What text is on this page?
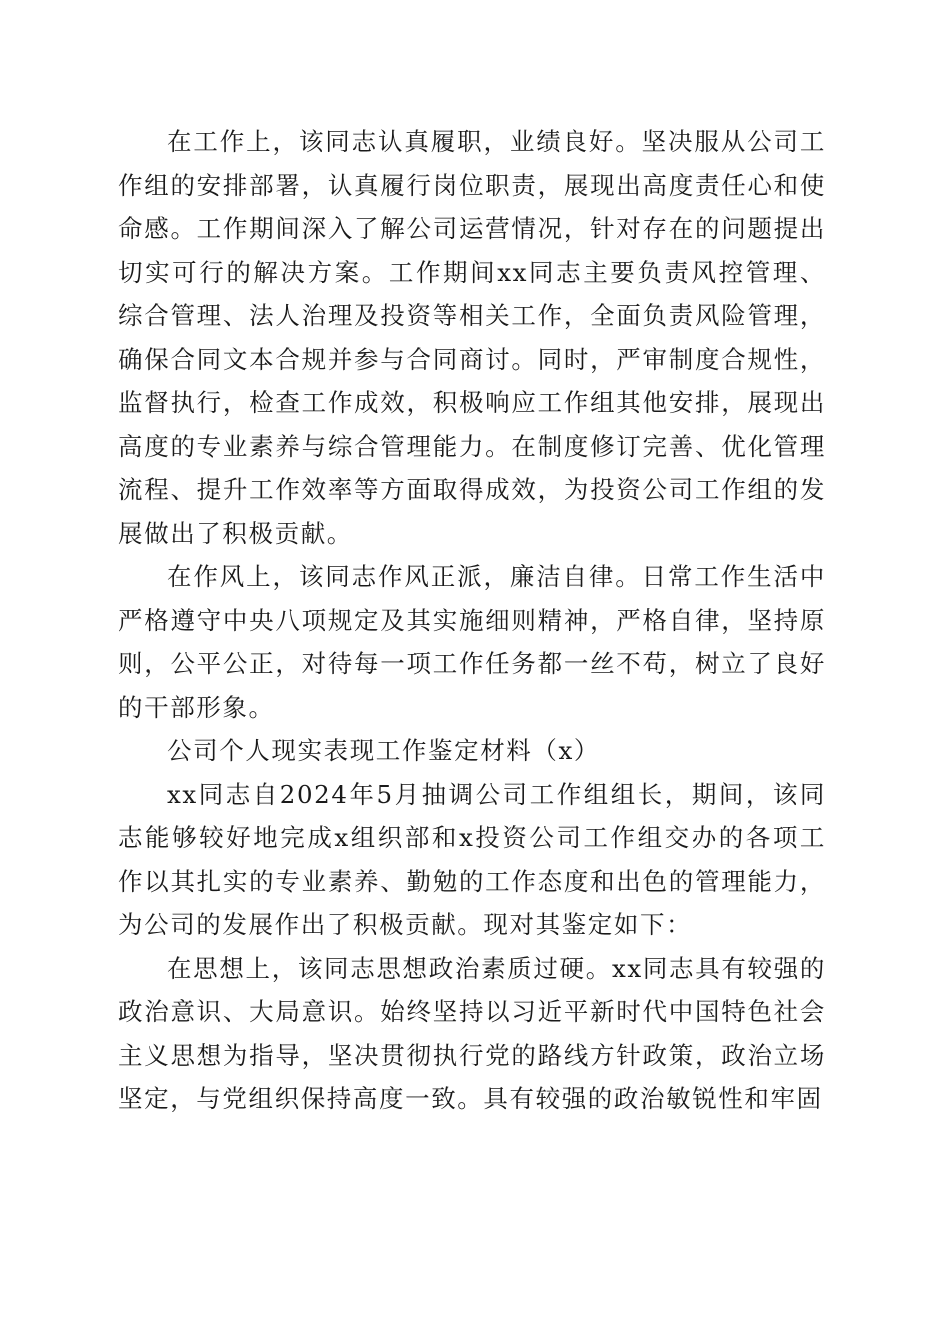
在工作上，该同志认真履职，业绩良好。坚决服从公司工作组的安排部署，认真履行岗位职责，展现出高度责任心和使命感。工作期间深入了解公司运营情况，针对存在的问题提出切实可行的解决方案。工作期间xx同志主要负责风控管理、综合管理、法人治理及投资等相关工作，全面负责风险管理，确保合同文本合规并参与合同商讨。同时，严审制度合规性，监督执行，检查工作成效，积极响应工作组其他安排，展现出高度的专业素养与综合管理能力。在制度修订完善、优化管理流程、提升工作效率等方面取得成效，为投资公司工作组的发展做出了积极贡献。

在作风上，该同志作风正派，廉洁自律。日常工作生活中严格遵守中央八项规定及其实施细则精神，严格自律，坚持原则，公平公正，对待每一项工作任务都一丝不苟，树立了良好的干部形象。

公司个人现实表现工作鉴定材料（x）

xx同志自2024年5月抽调公司工作组组长，期间，该同志能够较好地完成x组织部和x投资公司工作组交办的各项工作以其扎实的专业素养、勤勉的工作态度和出色的管理能力，为公司的发展作出了积极贡献。现对其鉴定如下：

在思想上，该同志思想政治素质过硬。xx同志具有较强的政治意识、大局意识。始终坚持以习近平新时代中国特色社会主义思想为指导，坚决贯彻执行党的路线方针政策，政治立场坚定，与党组织保持高度一致。具有较强的政治敏锐性和牢固
